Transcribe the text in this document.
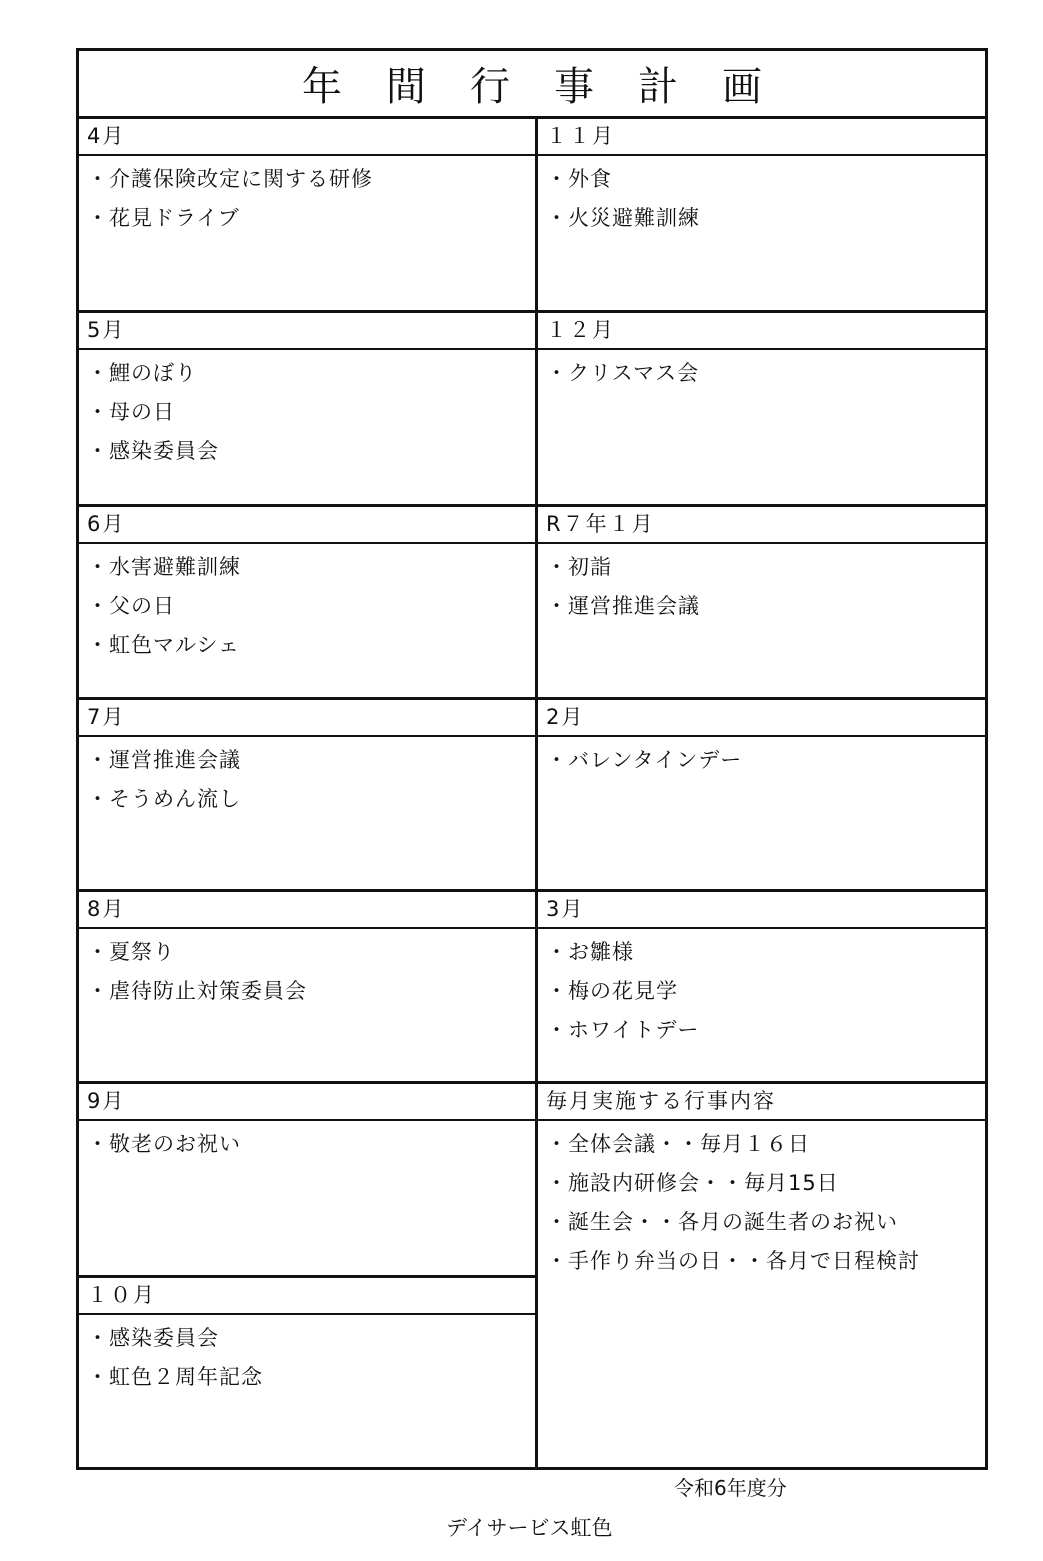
年間行事計画
4月
・介護保険改定に関する研修
・花見ドライブ
5月
・鯉のぼり
・母の日
・感染委員会
6月
・水害避難訓練
・父の日
・虹色マルシェ
7月
・運営推進会議
・そうめん流し
8月
・夏祭り
・虐待防止対策委員会
9月
・敬老のお祝い
１０月
・感染委員会
・虹色２周年記念
１１月
・外食
・火災避難訓練
１２月
・クリスマス会
R７年１月
・初詣
・運営推進会議
2月
・バレンタインデー
3月
・お雛様
・梅の花見学
・ホワイトデー
毎月実施する行事内容
・全体会議・・毎月１６日
・施設内研修会・・毎月15日
・誕生会・・各月の誕生者のお祝い
・手作り弁当の日・・各月で日程検討
令和6年度分
デイサービス虹色
